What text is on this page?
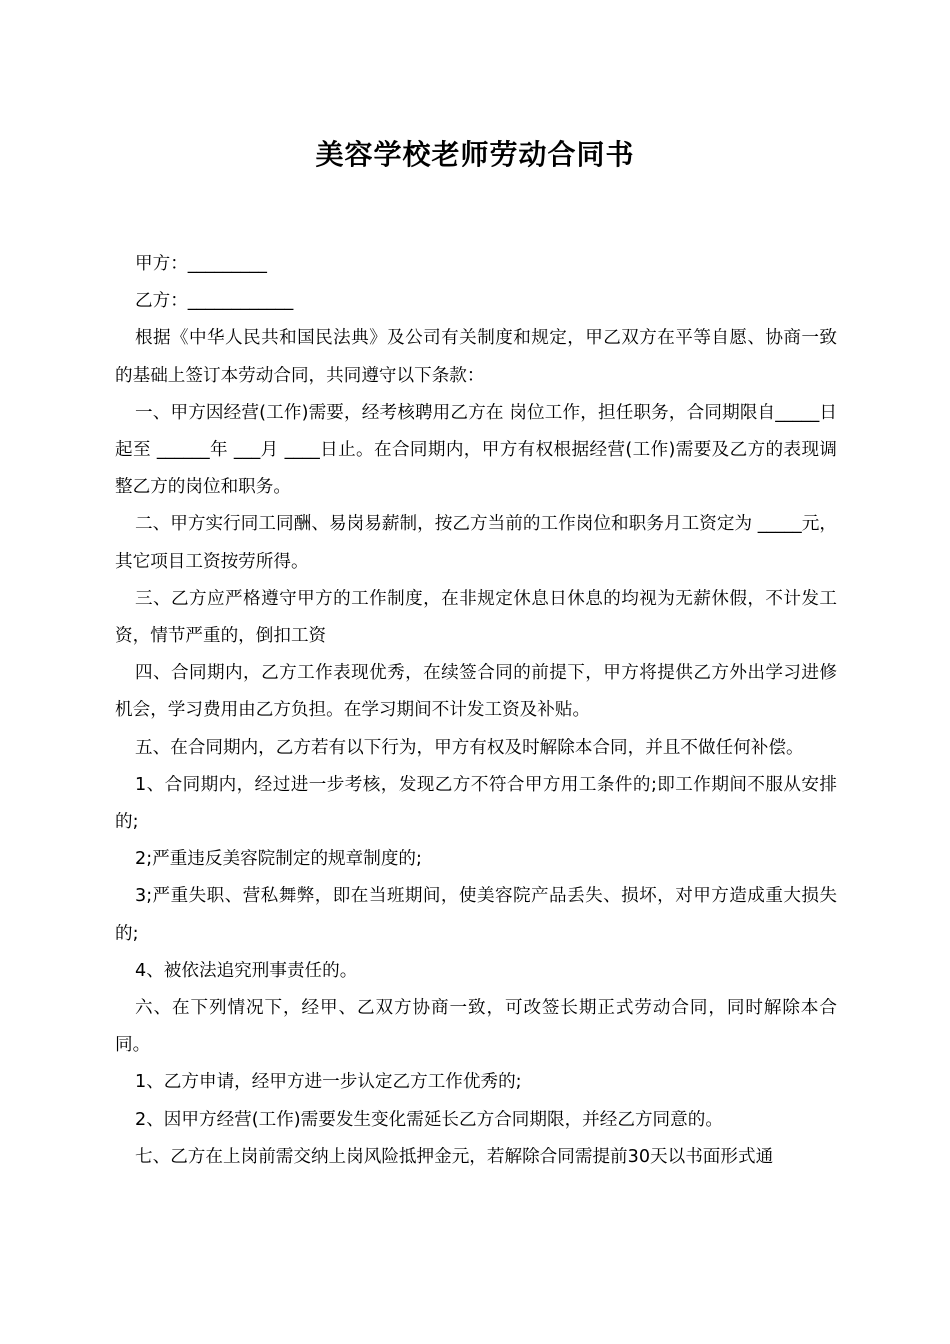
美容学校老师劳动合同书

甲方：_________

乙方：____________

根据《中华人民共和国民法典》及公司有关制度和规定，甲乙双方在平等自愿、协商一致的基础上签订本劳动合同，共同遵守以下条款：

一、甲方因经营(工作)需要，经考核聘用乙方在 岗位工作，担任职务，合同期限自_____日起至 ______年 ___月 ____日止。在合同期内，甲方有权根据经营(工作)需要及乙方的表现调整乙方的岗位和职务。

二、甲方实行同工同酬、易岗易薪制，按乙方当前的工作岗位和职务月工资定为 _____元，其它项目工资按劳所得。

三、乙方应严格遵守甲方的工作制度，在非规定休息日休息的均视为无薪休假，不计发工资，情节严重的，倒扣工资

四、合同期内，乙方工作表现优秀，在续签合同的前提下，甲方将提供乙方外出学习进修机会，学习费用由乙方负担。在学习期间不计发工资及补贴。

五、在合同期内，乙方若有以下行为，甲方有权及时解除本合同，并且不做任何补偿。

1、合同期内，经过进一步考核，发现乙方不符合甲方用工条件的;即工作期间不服从安排的;

2;严重违反美容院制定的规章制度的;

3;严重失职、营私舞弊，即在当班期间，使美容院产品丢失、损坏，对甲方造成重大损失的;

4、被依法追究刑事责任的。

六、在下列情况下，经甲、乙双方协商一致，可改签长期正式劳动合同，同时解除本合同。

1、乙方申请，经甲方进一步认定乙方工作优秀的;

2、因甲方经营(工作)需要发生变化需延长乙方合同期限，并经乙方同意的。

七、乙方在上岗前需交纳上岗风险抵押金元，若解除合同需提前30天以书面形式通
